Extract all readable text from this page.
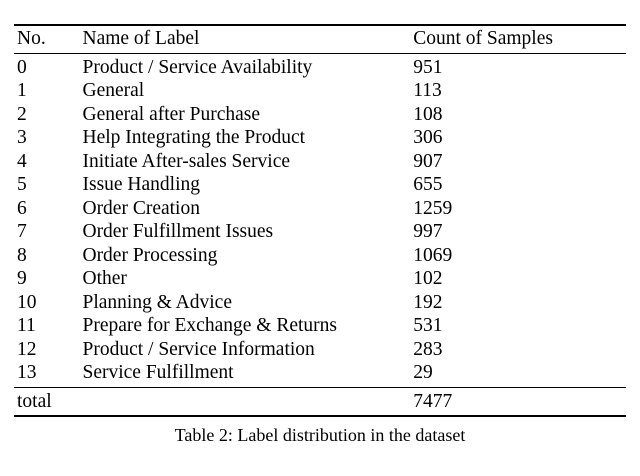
No.	Name of Label	Count of Samples
0	Product / Service Availability	951
1	General	113
2	General after Purchase	108
3	Help Integrating the Product	306
4	Initiate After-sales Service	907
5	Issue Handling	655
6	Order Creation	1259
7	Order Fulfillment Issues	997
8	Order Processing	1069
9	Other	102
10	Planning & Advice	192
11	Prepare for Exchange & Returns	531
12	Product / Service Information	283
13	Service Fulfillment	29
total		7477
Table 2: Label distribution in the dataset
